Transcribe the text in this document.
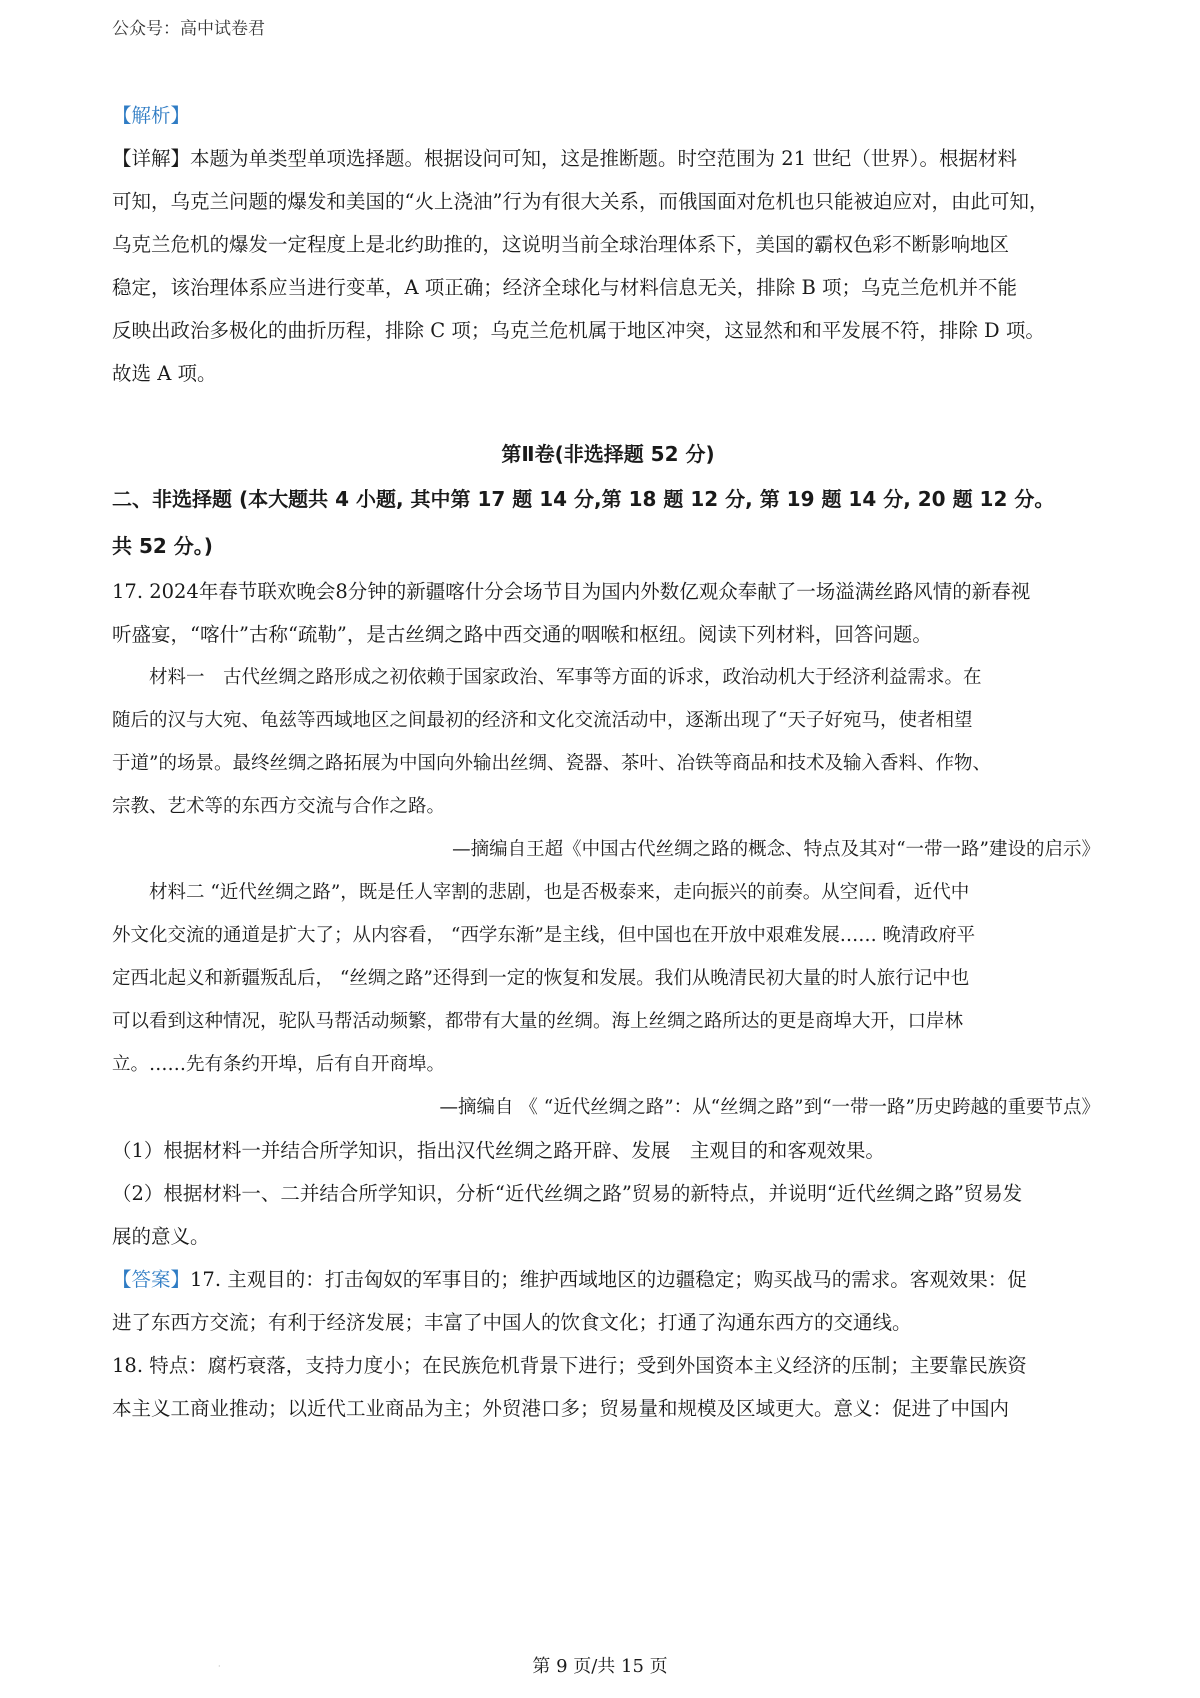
公众号：高中试卷君

【解析】

【详解】本题为单类型单项选择题。根据设问可知，这是推断题。时空范围为 21 世纪（世界）。根据材料

可知，乌克兰问题的爆发和美国的“火上浇油”行为有很大关系，而俄国面对危机也只能被迫应对，由此可知，

乌克兰危机的爆发一定程度上是北约助推的，这说明当前全球治理体系下，美国的霸权色彩不断影响地区

稳定，该治理体系应当进行变革，A 项正确；经济全球化与材料信息无关，排除 B 项；乌克兰危机并不能

反映出政治多极化的曲折历程，排除 C 项；乌克兰危机属于地区冲突，这显然和和平发展不符，排除 D 项。

故选 A 项。

第Ⅱ卷(非选择题 52 分)

二、非选择题 (本大题共 4 小题, 其中第 17 题 14 分,第 18 题 12 分, 第 19 题 14 分, 20 题 12 分。

共 52 分。)

17. 2024年春节联欢晚会8分钟的新疆喀什分会场节目为国内外数亿观众奉献了一场溢满丝路风情的新春视

听盛宴，“喀什”古称“疏勒”，是古丝绸之路中西交通的咽喉和枢纽。阅读下列材料，回答问题。

材料一　古代丝绸之路形成之初依赖于国家政治、军事等方面的诉求，政治动机大于经济利益需求。在

随后的汉与大宛、龟兹等西域地区之间最初的经济和文化交流活动中，逐渐出现了“天子好宛马，使者相望

于道”的场景。最终丝绸之路拓展为中国向外输出丝绸、瓷器、茶叶、冶铁等商品和技术及输入香料、作物、

宗教、艺术等的东西方交流与合作之路。

—摘编自王超《中国古代丝绸之路的概念、特点及其对“一带一路”建设的启示》

材料二 “近代丝绸之路”，既是任人宰割的悲剧，也是否极泰来，走向振兴的前奏。从空间看，近代中

外文化交流的通道是扩大了；从内容看， “西学东渐”是主线，但中国也在开放中艰难发展…… 晚清政府平

定西北起义和新疆叛乱后， “丝绸之路”还得到一定的恢复和发展。我们从晚清民初大量的时人旅行记中也

可以看到这种情况，驼队马帮活动频繁，都带有大量的丝绸。海上丝绸之路所达的更是商埠大开，口岸林

立。……先有条约开埠，后有自开商埠。

—摘编自 《 “近代丝绸之路”：从“丝绸之路”到“一带一路”历史跨越的重要节点》

（1）根据材料一并结合所学知识，指出汉代丝绸之路开辟、发展　主观目的和客观效果。

（2）根据材料一、二并结合所学知识，分析“近代丝绸之路”贸易的新特点，并说明“近代丝绸之路”贸易发

展的意义。

【答案】17. 主观目的：打击匈奴的军事目的；维护西域地区的边疆稳定；购买战马的需求。客观效果：促

进了东西方交流；有利于经济发展；丰富了中国人的饮食文化；打通了沟通东西方的交通线。

18. 特点：腐朽衰落，支持力度小；在民族危机背景下进行；受到外国资本主义经济的压制；主要靠民族资

本主义工商业推动；以近代工业商品为主；外贸港口多；贸易量和规模及区域更大。意义：促进了中国内

·	第 9 页/共 15 页
